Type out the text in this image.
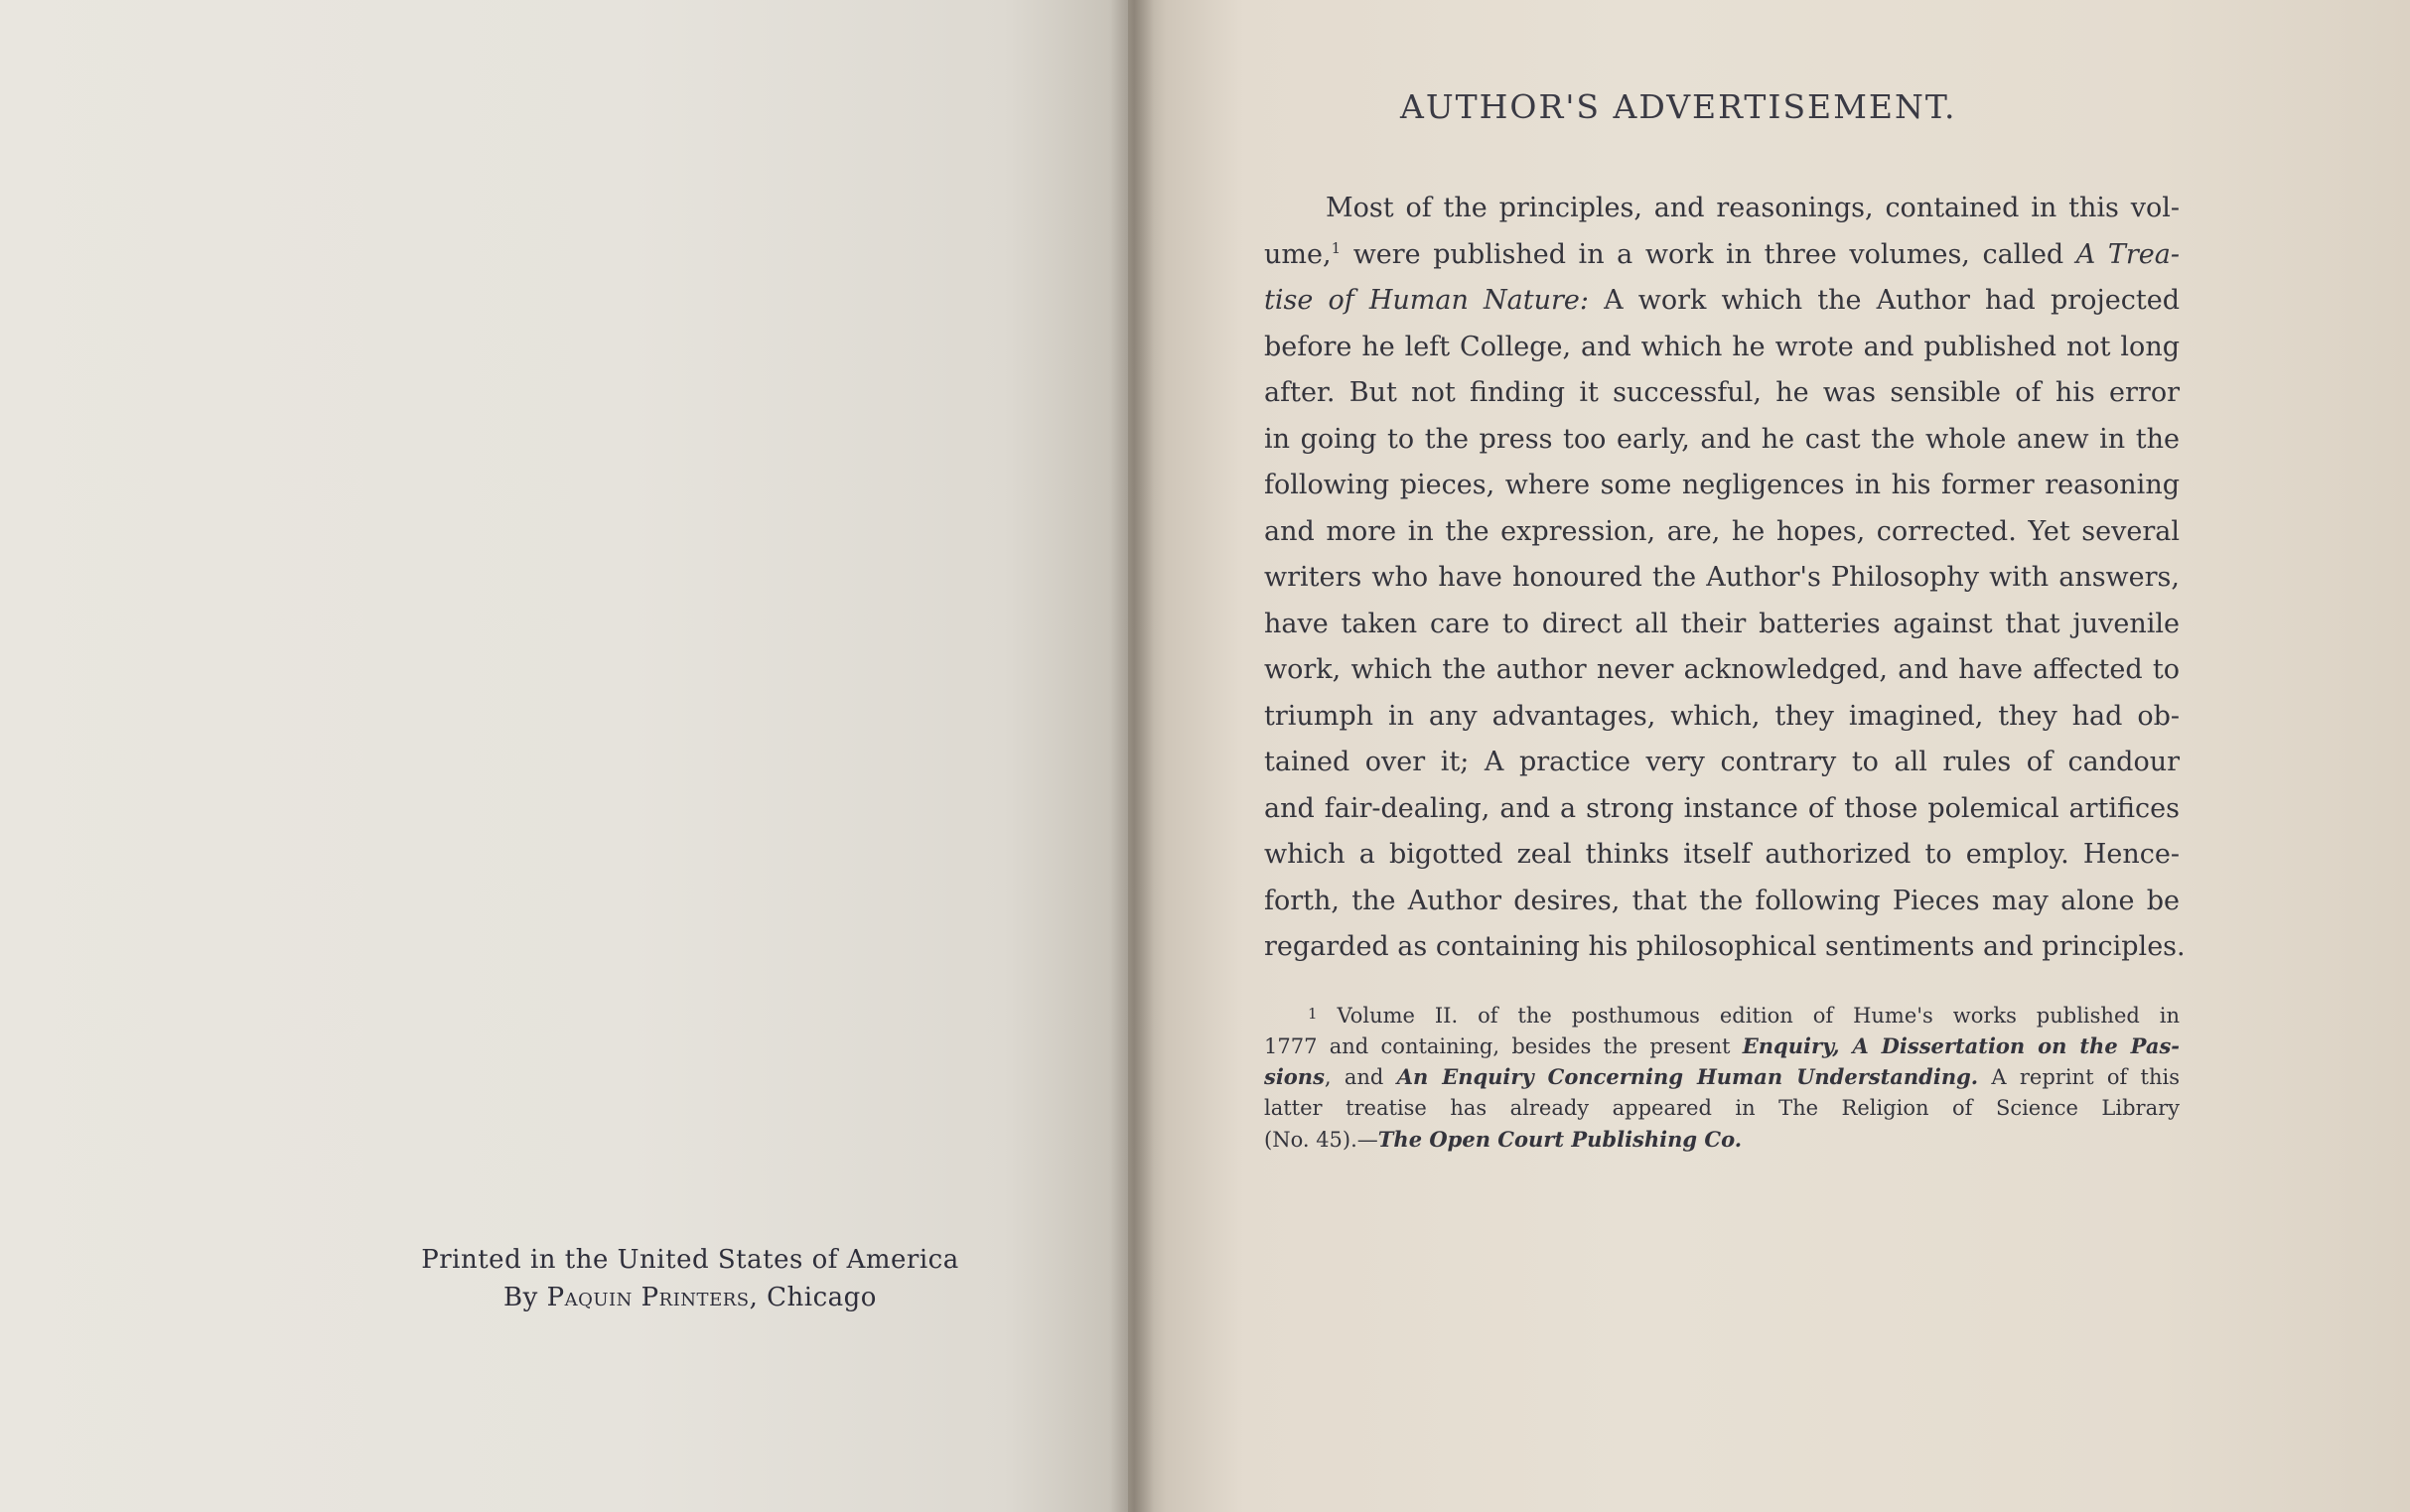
Printed in the United States of America
By Paquin Printers, Chicago
AUTHOR'S ADVERTISEMENT.
Most of the principles, and reasonings, contained in this vol-
ume,$^1$ were published in a work in three volumes, called A Trea-
tise of Human Nature: A work which the Author had projected
before he left College, and which he wrote and published not long
after. But not finding it successful, he was sensible of his error
in going to the press too early, and he cast the whole anew in the
following pieces, where some negligences in his former reasoning
and more in the expression, are, he hopes, corrected. Yet several
writers who have honoured the Author's Philosophy with answers,
have taken care to direct all their batteries against that juvenile
work, which the author never acknowledged, and have affected to
triumph in any advantages, which, they imagined, they had ob-
tained over it; A practice very contrary to all rules of candour
and fair-dealing, and a strong instance of those polemical artifices
which a bigotted zeal thinks itself authorized to employ. Hence-
forth, the Author desires, that the following Pieces may alone be
regarded as containing his philosophical sentiments and principles.
1 Volume II. of the posthumous edition of Hume's works published in
1777 and containing, besides the present Enquiry, A Dissertation on the Pas-
sions, and An Enquiry Concerning Human Understanding. A reprint of this
latter treatise has already appeared in The Religion of Science Library
(No. 45).—The Open Court Publishing Co.
